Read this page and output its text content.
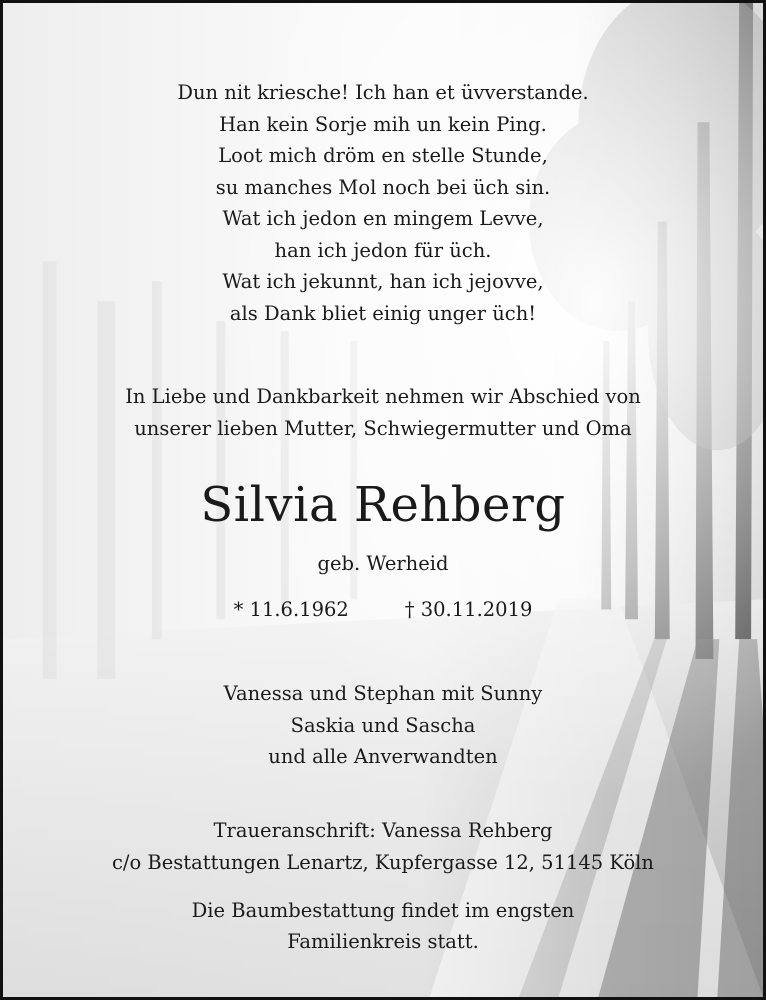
Dun nit kriesche! Ich han et üvverstande.
Han kein Sorje mih un kein Ping.
Loot mich dröm en stelle Stunde,
su manches Mol noch bei üch sin.
Wat ich jedon en mingem Levve,
han ich jedon für üch.
Wat ich jekunnt, han ich jejovve,
als Dank bliet einig unger üch!
In Liebe und Dankbarkeit nehmen wir Abschied von
unserer lieben Mutter, Schwiegermutter und Oma
Silvia Rehberg
geb. Werheid
* 11.6.1962	† 30.11.2019
Vanessa und Stephan mit Sunny
Saskia und Sascha
und alle Anverwandten
Traueranschrift: Vanessa Rehberg
c/o Bestattungen Lenartz, Kupfergasse 12, 51145 Köln
Die Baumbestattung findet im engsten
Familienkreis statt.
